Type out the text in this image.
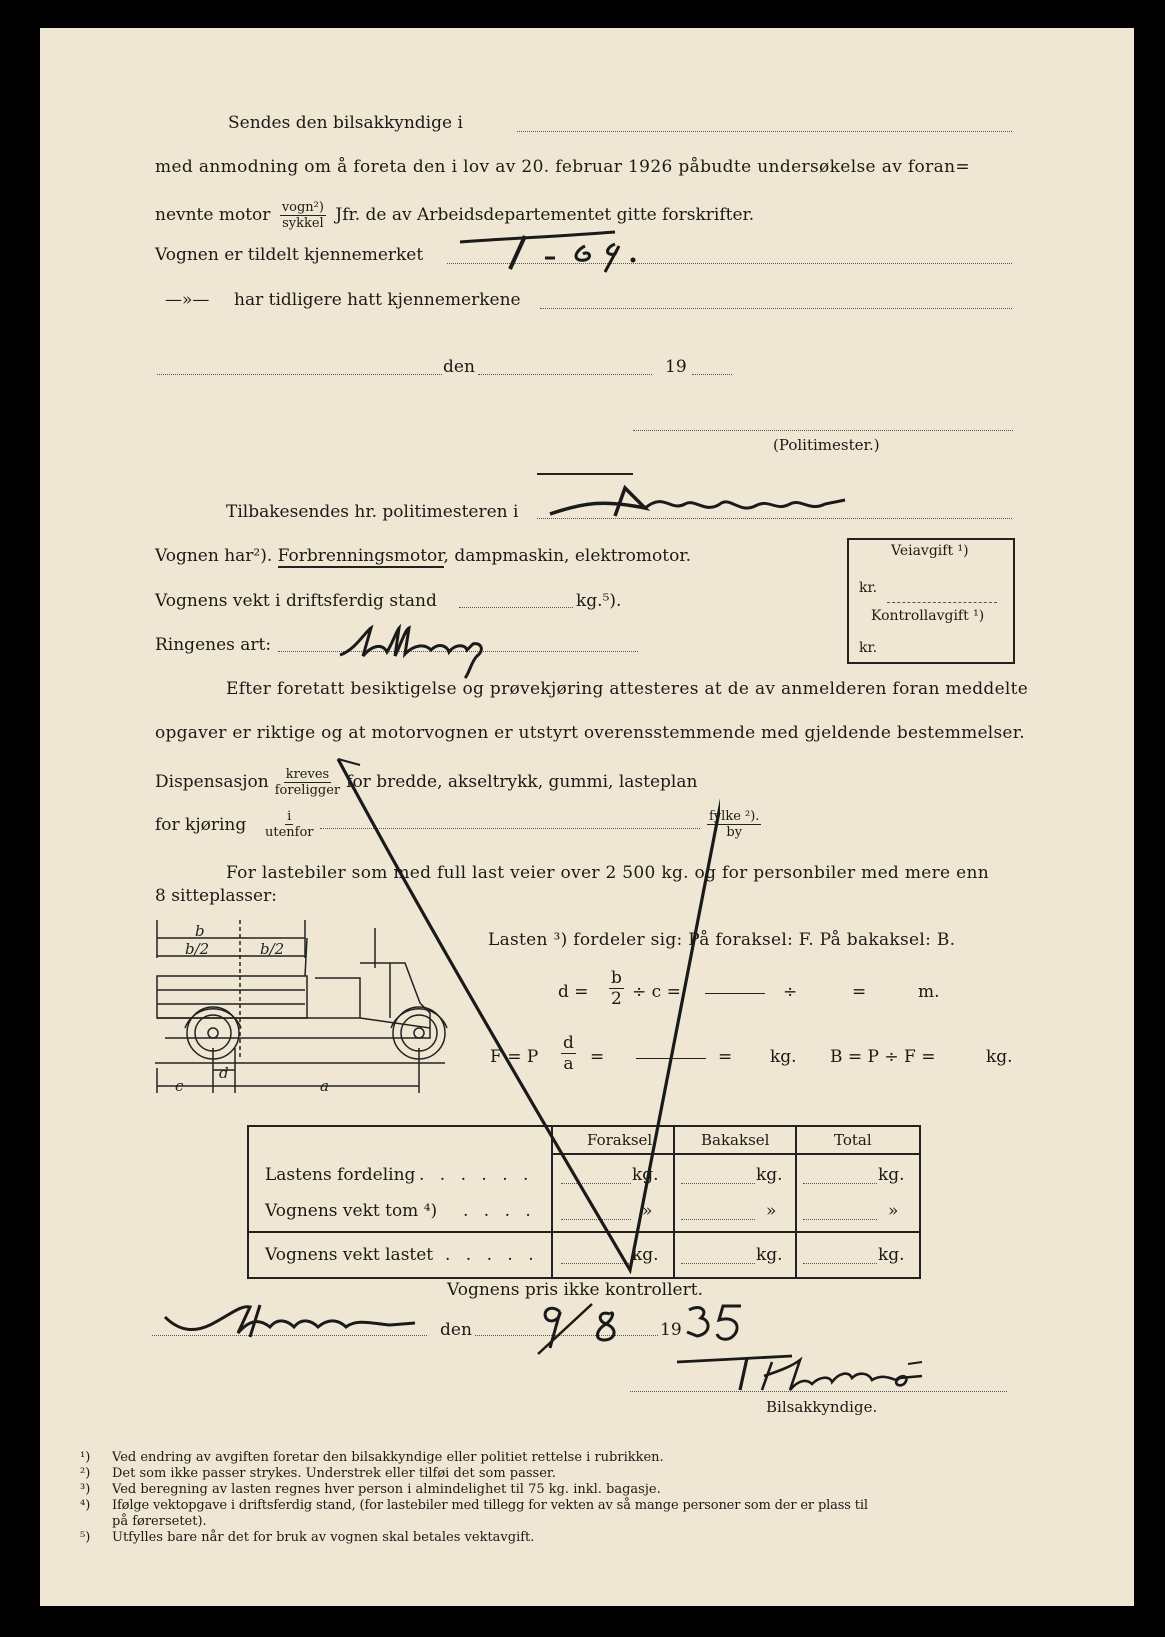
Sendes den bilsakkyndige i
med anmodning om å foreta den i lov av 20. februar 1926 påbudte undersøkelse av foran=
nevnte motor $\frac{\text{vogn²)}}{\text{sykkel}}$ Jfr. de av Arbeidsdepartementet gitte forskrifter.
Vognen er tildelt kjennemerket
—»— har tidligere hatt kjennemerkene
den	19
(Politimester.)
Tilbakesendes hr. politimesteren i
Vognen har²). Forbrenningsmotor, dampmaskin, elektromotor.
Vognens vekt i driftsferdig stand	kg.⁵).
Ringenes art:
Veiavgift ¹)
kr.
Kontrollavgift ¹)
kr.
Efter foretatt besiktigelse og prøvekjøring attesteres at de av anmelderen foran meddelte
opgaver er riktige og at motorvognen er utstyrt overensstemmende med gjeldende bestemmelser.
Dispensasjon $\frac{\text{kreves}}{\text{foreligger}}$ for bredde, akseltrykk, gummi, lasteplan
for kjøring $\frac{i}{\text{utenfor}}$	$\frac{\text{fylke ²).}}{by}$
For lastebiler som med full last veier over 2 500 kg. og for personbiler med mere enn
8 sitteplasser:
b
b/2	b/2
c
d
a
Lasten ³) fordeler sig: På foraksel: F. På bakaksel: B.
$d = \frac{b}{2} \div c$ =	÷	=	m.
F = P $\frac{d}{a}$ =	= kg. B = P ÷ F =	kg.
Foraksel	Bakaksel	Total
Lastens fordeling . . . . . .	kg.	kg.	kg.
Vognens vekt tom ⁴) . . . .	»	»	»
Vognens vekt lastet . . . . .	kg.	kg.	kg.
Vognens pris ikke kontrollert.
den	19
Bilsakkyndige.
¹) Ved endring av avgiften foretar den bilsakkyndige eller politiet rettelse i rubrikken.
²) Det som ikke passer strykes. Understrek eller tilføi det som passer.
³) Ved beregning av lasten regnes hver person i almindelighet til 75 kg. inkl. bagasje.
⁴) Ifølge vektopgave i driftsferdig stand, (for lastebiler med tillegg for vekten av så mange personer som der er plass til
på førersetet).
⁵) Utfylles bare når det for bruk av vognen skal betales vektavgift.
